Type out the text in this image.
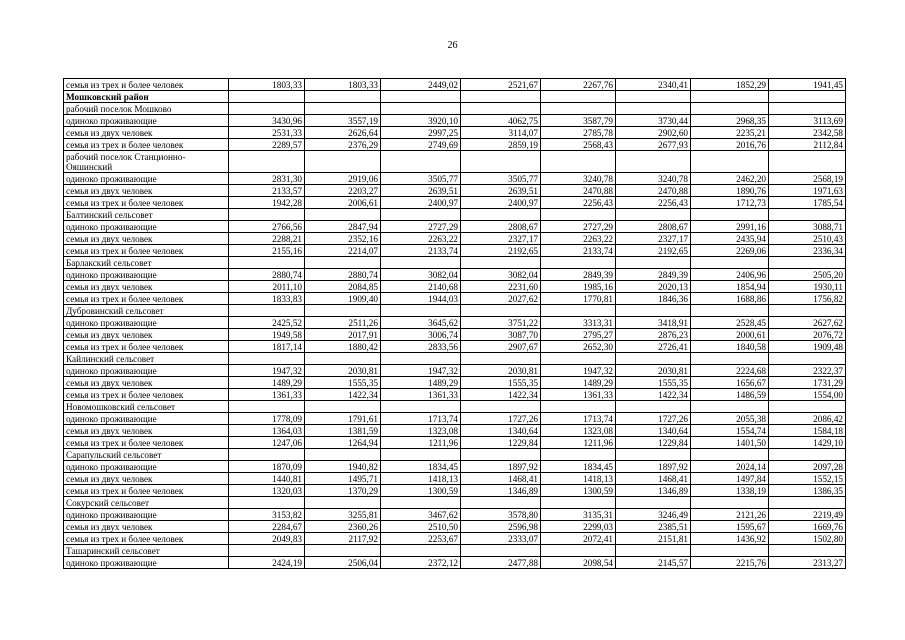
26
семья из трех и более человек	1803,33	1803,33	2449,02	2521,67	2267,76	2340,41	1852,29	1941,45
Мошковский район								
рабочий поселок Мошково								
одиноко проживающие	3430,96	3557,19	3920,10	4062,75	3587,79	3730,44	2968,35	3113,69
семья из двух человек	2531,33	2626,64	2997,25	3114,07	2785,78	2902,60	2235,21	2342,58
семья из трех и более человек	2289,57	2376,29	2749,69	2859,19	2568,43	2677,93	2016,76	2112,84
рабочий поселок Станционно-Ояшинский								
одиноко проживающие	2831,30	2919,06	3505,77	3505,77	3240,78	3240,78	2462,20	2568,19
семья из двух человек	2133,57	2203,27	2639,51	2639,51	2470,88	2470,88	1890,76	1971,63
семья из трех и более человек	1942,28	2006,61	2400,97	2400,97	2256,43	2256,43	1712,73	1785,54
Балтинский сельсовет								
одиноко проживающие	2766,56	2847,94	2727,29	2808,67	2727,29	2808,67	2991,16	3088,71
семья из двух человек	2288,21	2352,16	2263,22	2327,17	2263,22	2327,17	2435,94	2510,43
семья из трех и более человек	2155,16	2214,07	2133,74	2192,65	2133,74	2192,65	2269,06	2336,34
Барлакский сельсовет								
одиноко проживающие	2880,74	2880,74	3082,04	3082,04	2849,39	2849,39	2406,96	2505,20
семья из двух человек	2011,10	2084,85	2140,68	2231,60	1985,16	2020,13	1854,94	1930,11
семья из трех и более человек	1833,83	1909,40	1944,03	2027,62	1770,81	1846,36	1688,86	1756,82
Дубровинский сельсовет								
одиноко проживающие	2425,52	2511,26	3645,62	3751,22	3313,31	3418,91	2528,45	2627,62
семья из двух человек	1949,58	2017,91	3006,74	3087,70	2795,27	2876,23	2000,61	2076,72
семья из трех и более человек	1817,14	1880,42	2833,56	2907,67	2652,30	2726,41	1840,58	1909,48
Кайлинский сельсовет								
одиноко проживающие	1947,32	2030,81	1947,32	2030,81	1947,32	2030,81	2224,68	2322,37
семья из двух человек	1489,29	1555,35	1489,29	1555,35	1489,29	1555,35	1656,67	1731,29
семья из трех и более человек	1361,33	1422,34	1361,33	1422,34	1361,33	1422,34	1486,59	1554,00
Новомошковский сельсовет								
одиноко проживающие	1778,09	1791,61	1713,74	1727,26	1713,74	1727,26	2055,38	2086,42
семья из двух человек	1364,03	1381,59	1323,08	1340,64	1323,08	1340,64	1554,74	1584,18
семья из трех и более человек	1247,06	1264,94	1211,96	1229,84	1211,96	1229,84	1401,50	1429,10
Сарапульский сельсовет								
одиноко проживающие	1870,09	1940,82	1834,45	1897,92	1834,45	1897,92	2024,14	2097,28
семья из двух человек	1440,81	1495,71	1418,13	1468,41	1418,13	1468,41	1497,84	1552,15
семья из трех и более человек	1320,03	1370,29	1300,59	1346,89	1300,59	1346,89	1338,19	1386,35
Сокурский сельсовет								
одиноко проживающие	3153,82	3255,81	3467,62	3578,80	3135,31	3246,49	2121,26	2219,49
семья из двух человек	2284,67	2360,26	2510,50	2596,98	2299,03	2385,51	1595,67	1669,76
семья из трех и более человек	2049,83	2117,92	2253,67	2333,07	2072,41	2151,81	1436,92	1502,80
Ташаринский сельсовет								
одиноко проживающие	2424,19	2506,04	2372,12	2477,88	2098,54	2145,57	2215,76	2313,27
